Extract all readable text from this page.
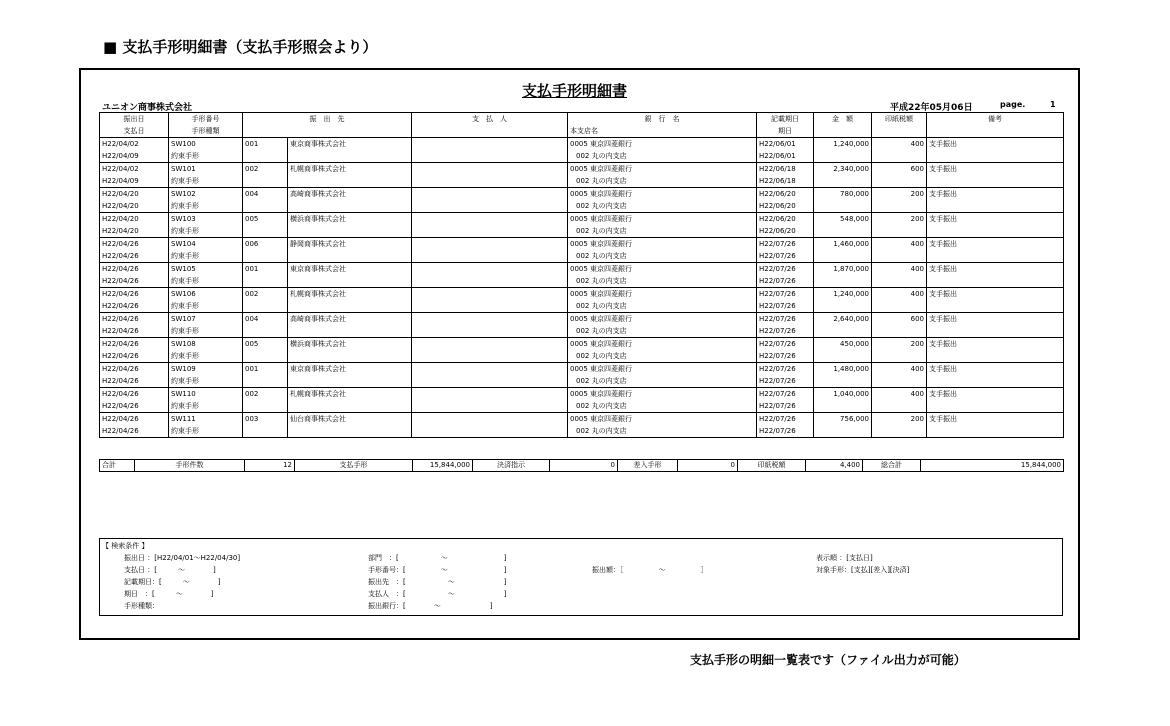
■ 支払手形明細書（支払手形照会より）
支払手形明細書
ユニオン商事株式会社	平成22年05月06日	page.	1
振出日	手形番号	振　出　先		支　払　人	銀　行　名	記載期日	金　額	印紙税額	備考
支払日	手形種類				本支店名	期日			
H22/04/02	SW100	001	東京商事株式会社		0005 東京四菱銀行	H22/06/01	1,240,000	400	支手振出
H22/04/09	約束手形				002 丸の内支店	H22/06/01			
H22/04/02	SW101	002	札幌商事株式会社		0005 東京四菱銀行	H22/06/18	2,340,000	600	支手振出
H22/04/09	約束手形				002 丸の内支店	H22/06/18			
H22/04/20	SW102	004	高崎商事株式会社		0005 東京四菱銀行	H22/06/20	780,000	200	支手振出
H22/04/20	約束手形				002 丸の内支店	H22/06/20			
H22/04/20	SW103	005	横浜商事株式会社		0005 東京四菱銀行	H22/06/20	548,000	200	支手振出
H22/04/20	約束手形				002 丸の内支店	H22/06/20			
H22/04/26	SW104	006	静岡商事株式会社		0005 東京四菱銀行	H22/07/26	1,460,000	400	支手振出
H22/04/26	約束手形				002 丸の内支店	H22/07/26			
H22/04/26	SW105	001	東京商事株式会社		0005 東京四菱銀行	H22/07/26	1,870,000	400	支手振出
H22/04/26	約束手形				002 丸の内支店	H22/07/26			
H22/04/26	SW106	002	札幌商事株式会社		0005 東京四菱銀行	H22/07/26	1,240,000	400	支手振出
H22/04/26	約束手形				002 丸の内支店	H22/07/26			
H22/04/26	SW107	004	高崎商事株式会社		0005 東京四菱銀行	H22/07/26	2,640,000	600	支手振出
H22/04/26	約束手形				002 丸の内支店	H22/07/26			
H22/04/26	SW108	005	横浜商事株式会社		0005 東京四菱銀行	H22/07/26	450,000	200	支手振出
H22/04/26	約束手形				002 丸の内支店	H22/07/26			
H22/04/26	SW109	001	東京商事株式会社		0005 東京四菱銀行	H22/07/26	1,480,000	400	支手振出
H22/04/26	約束手形				002 丸の内支店	H22/07/26			
H22/04/26	SW110	002	札幌商事株式会社		0005 東京四菱銀行	H22/07/26	1,040,000	400	支手振出
H22/04/26	約束手形				002 丸の内支店	H22/07/26			
H22/04/26	SW111	003	仙台商事株式会社		0005 東京四菱銀行	H22/07/26	756,000	200	支手振出
H22/04/26	約束手形				002 丸の内支店	H22/07/26			
合計	手形件数	12	支払手形	15,844,000	決済指示	0	差入手形	0	印紙税額	4,400	総合計	15,844,000
【 検索条件 】
振出日 ：[H22/04/01～H22/04/30]
支払日 ：[　　　～　　　　]
記載期日：[　　　～　　　　]
期日　：[　　　～　　　　]
手形種類：
部門　：[　　　　　　～　　　　　　　　]
手形番号：[　　　　　～　　　　　　　　]	振出額：［　　　　　～　　　　　］
振出先　：[　　　　　　～　　　　　　　]
支払人　：[　　　　　　～　　　　　　　]
振出銀行：[　　　　～　　　　　　　]
表示順 ：[支払日]
対象手形：[支払][差入][決済]
支払手形の明細一覧表です（ファイル出力が可能）
